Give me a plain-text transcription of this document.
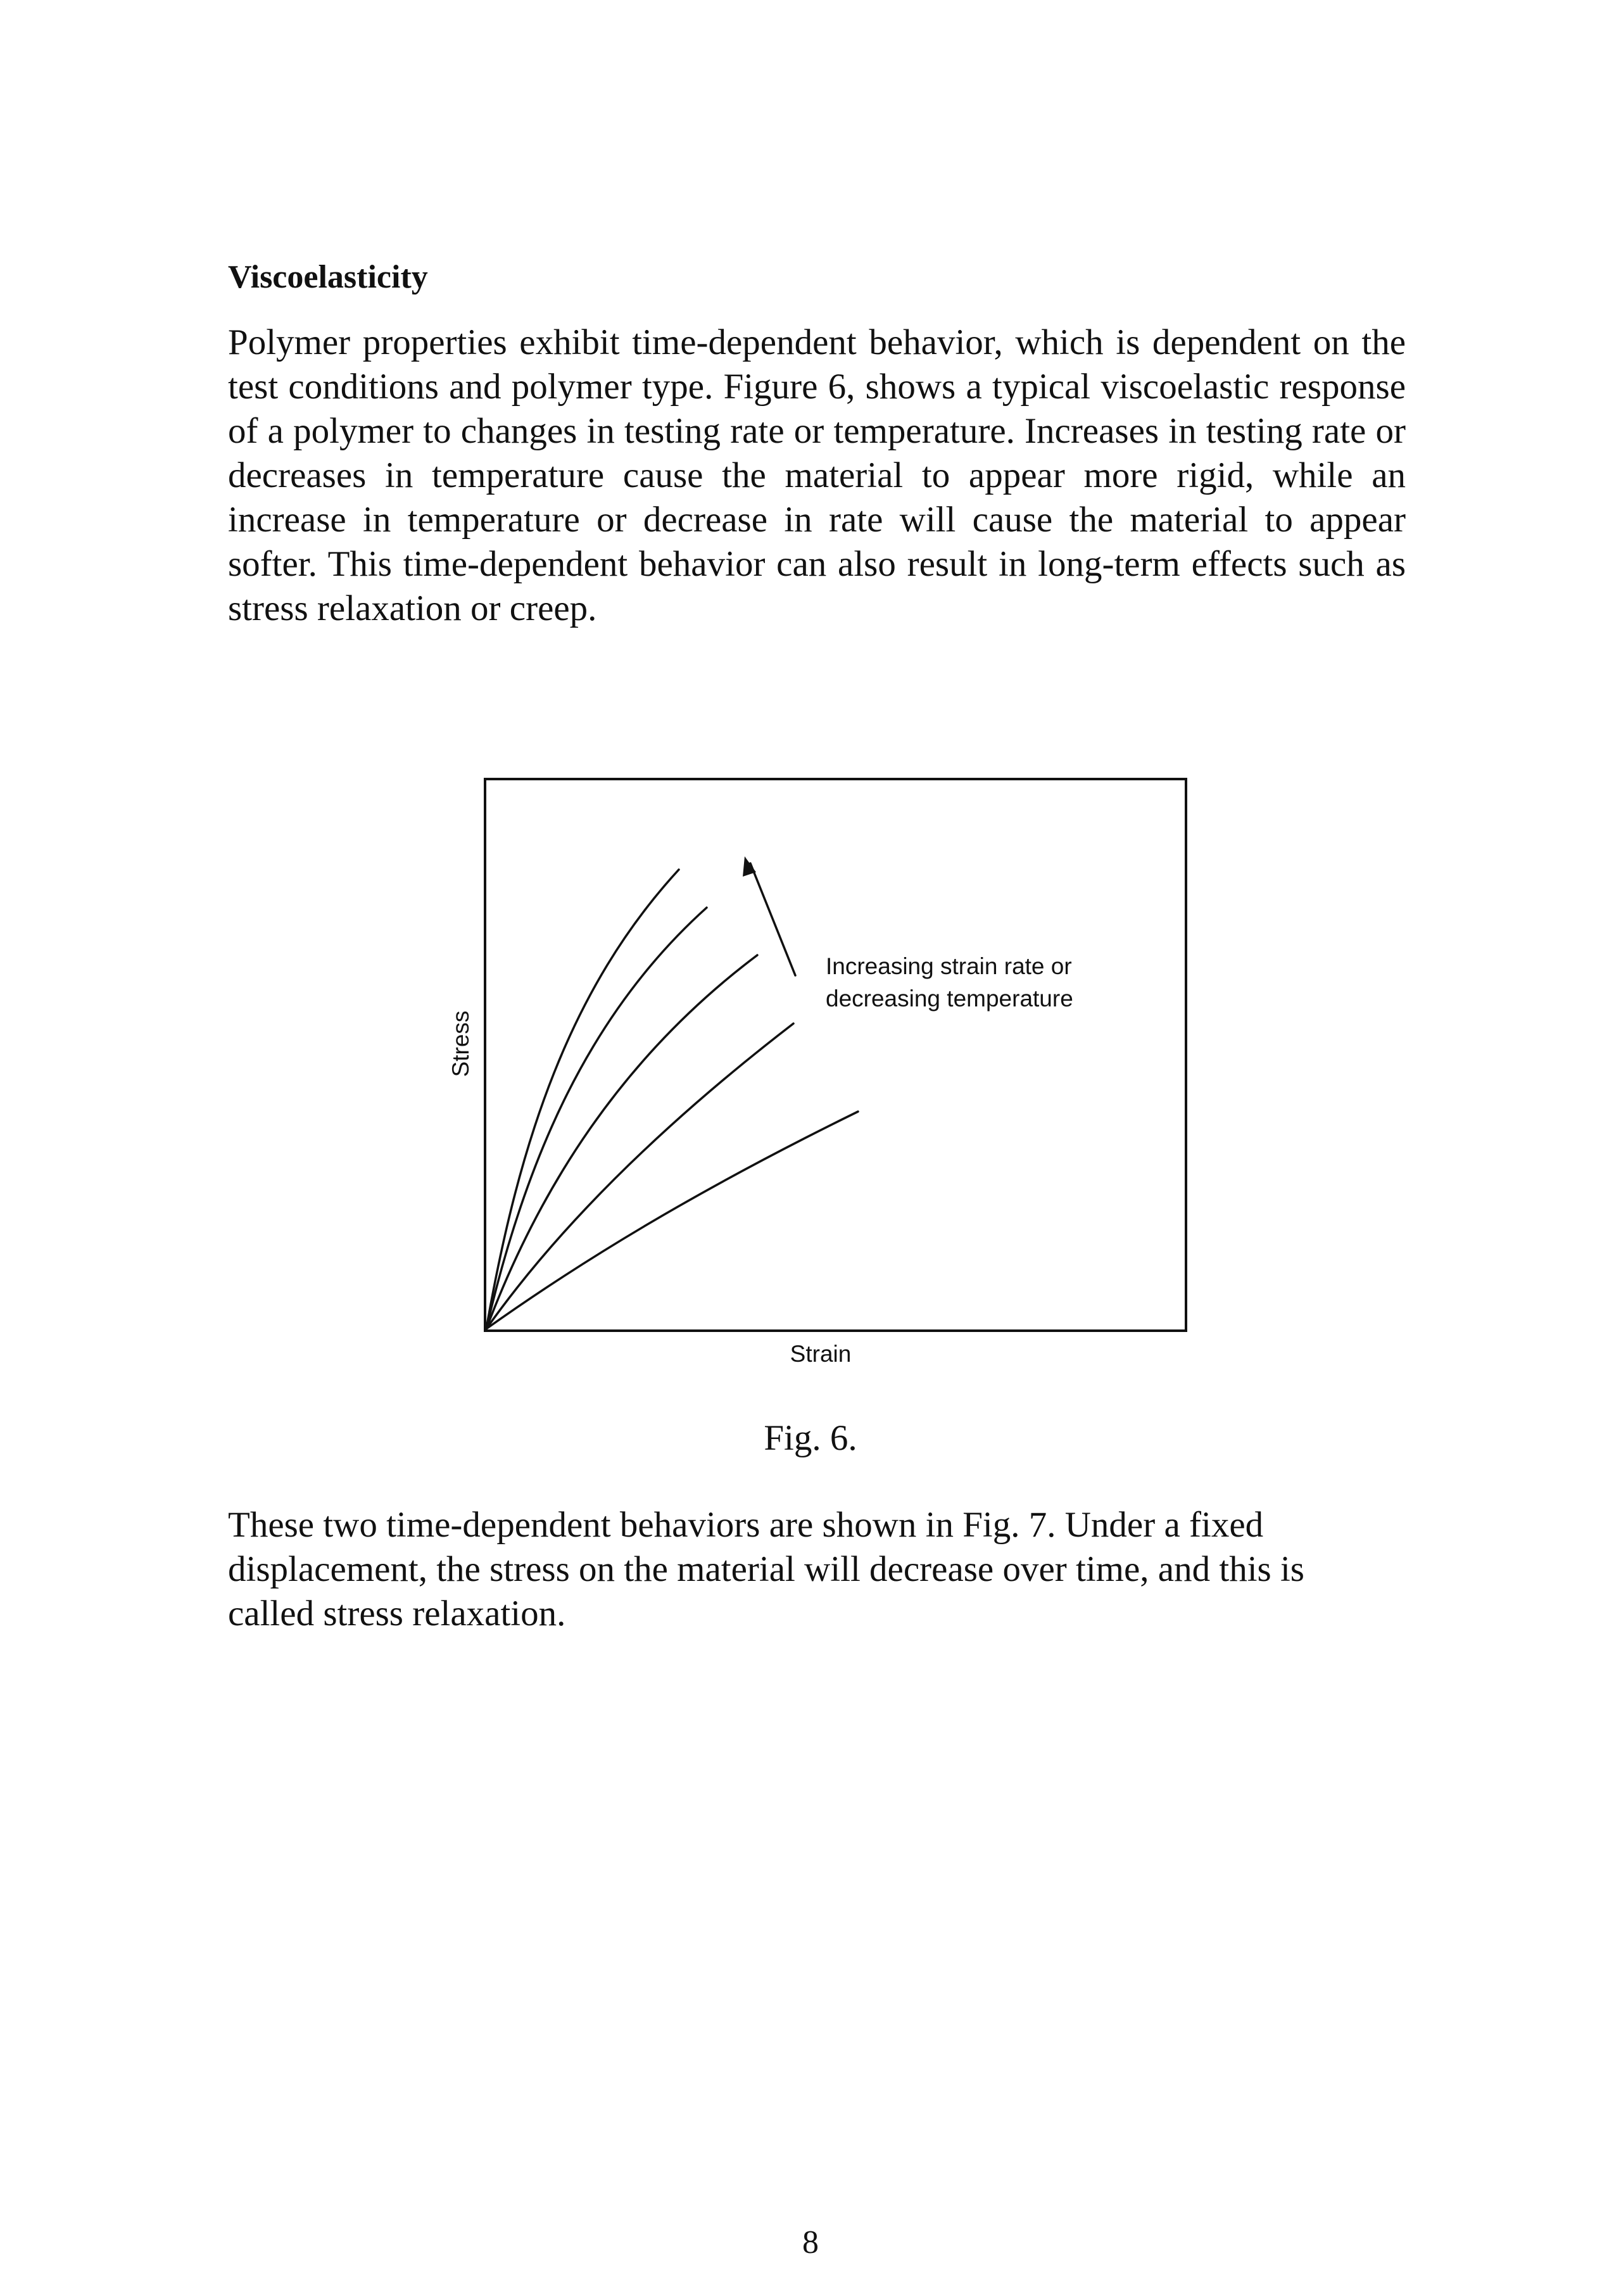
Viscoelasticity
Polymer properties exhibit time-dependent behavior, which is dependent on the test conditions and polymer type. Figure 6, shows a typical viscoelastic response of a polymer to changes in testing rate or temperature. Increases in testing rate or decreases in temperature cause the material to appear more rigid, while an increase in temperature or decrease in rate will cause the material to appear softer. This time-dependent behavior can also result in long-term effects such as stress relaxation or creep.
Increasing strain rate or
decreasing temperature
Strain
Stress
Fig. 6.
These two time-dependent behaviors are shown in Fig. 7. Under a fixed
displacement, the stress on the material will decrease over time, and this is
called stress relaxation.
8
